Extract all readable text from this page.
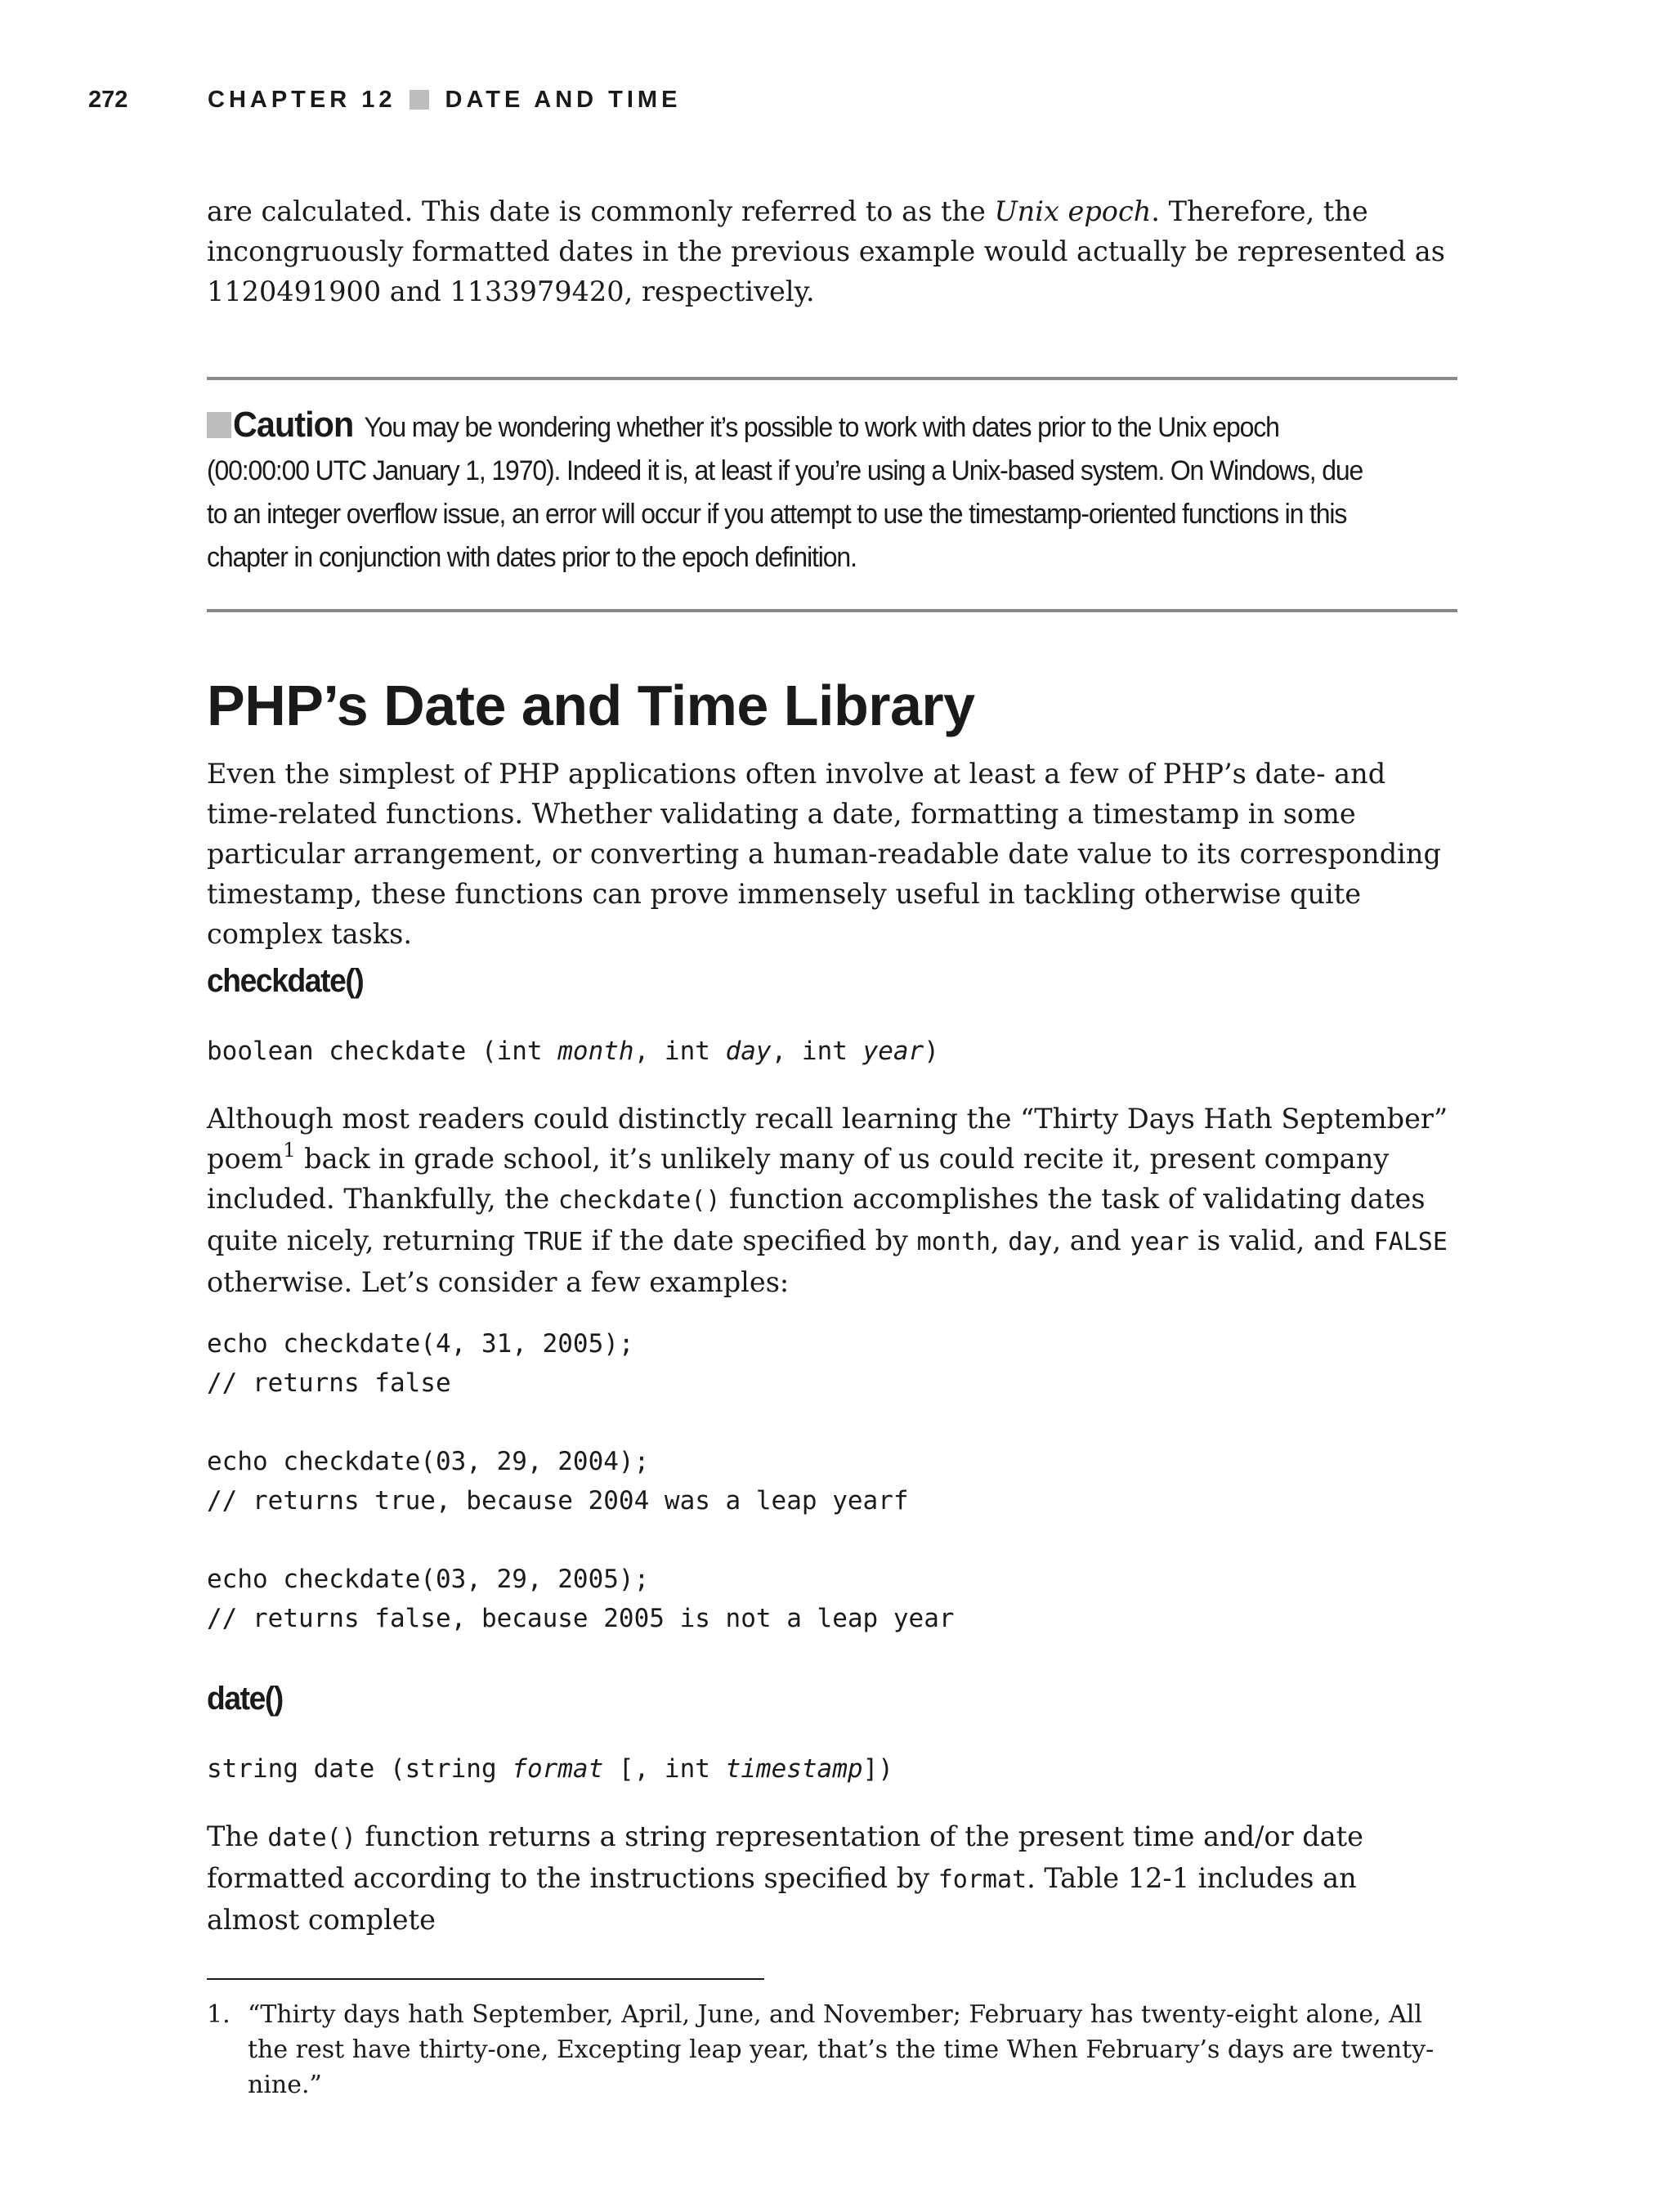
272	CHAPTER 12 DATE AND TIME

are calculated. This date is commonly referred to as the Unix epoch. Therefore, the incongruously formatted dates in the previous example would actually be represented as 1120491900 and 1133979420, respectively.

Caution You may be wondering whether it’s possible to work with dates prior to the Unix epoch (00:00:00 UTC January 1, 1970). Indeed it is, at least if you’re using a Unix-based system. On Windows, due to an integer overflow issue, an error will occur if you attempt to use the timestamp-oriented functions in this chapter in conjunction with dates prior to the epoch definition.
PHP’s Date and Time Library

Even the simplest of PHP applications often involve at least a few of PHP’s date- and time-related functions. Whether validating a date, formatting a timestamp in some particular arrangement, or converting a human-readable date value to its corresponding timestamp, these functions can prove immensely useful in tackling otherwise quite complex tasks.

checkdate()

boolean checkdate (int month, int day, int year)

Although most readers could distinctly recall learning the “Thirty Days Hath September” poem$^1$ back in grade school, it’s unlikely many of us could recite it, present company included. Thankfully, the checkdate() function accomplishes the task of validating dates quite nicely, returning TRUE if the date specified by month, day, and year is valid, and FALSE otherwise. Let’s consider a few examples:

echo checkdate(4, 31, 2005);
// returns false

echo checkdate(03, 29, 2004);
// returns true, because 2004 was a leap yearf

echo checkdate(03, 29, 2005);
// returns false, because 2005 is not a leap year
date()

string date (string format [, int timestamp])

The date() function returns a string representation of the present time and/or date formatted according to the instructions specified by format. Table 12-1 includes an almost complete

1. “Thirty days hath September, April, June, and November; February has twenty-eight alone, All the rest have thirty-one, Excepting leap year, that’s the time When February’s days are twenty-nine.”
